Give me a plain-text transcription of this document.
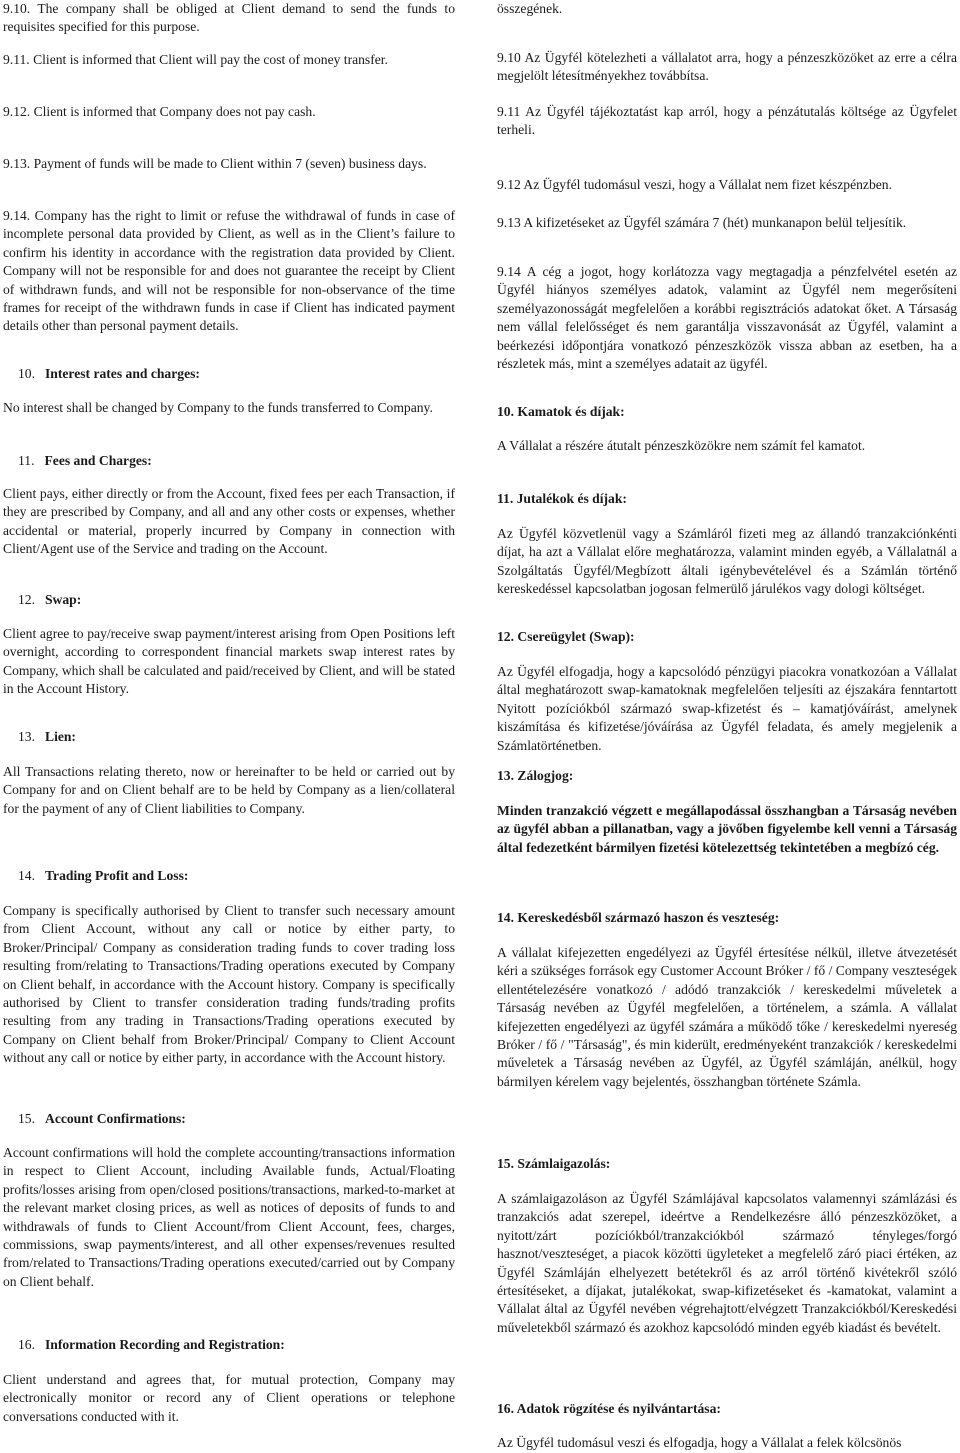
9.10. The company shall be obliged at Client demand to send the funds to requisites specified for this purpose.

9.11. Client is informed that Client will pay the cost of money transfer.

9.12. Client is informed that Company does not pay cash.

9.13. Payment of funds will be made to Client within 7 (seven) business days.

9.14. Company has the right to limit or refuse the withdrawal of funds in case of incomplete personal data provided by Client, as well as in the Client’s failure to confirm his identity in accordance with the registration data provided by Client. Company will not be responsible for and does not guarantee the receipt by Client of withdrawn funds, and will not be responsible for non-observance of the time frames for receipt of the withdrawn funds in case if Client has indicated payment details other than personal payment details.

10. Interest rates and charges:

No interest shall be changed by Company to the funds transferred to Company.

11. Fees and Charges:

Client pays, either directly or from the Account, fixed fees per each Transaction, if they are prescribed by Company, and all and any other costs or expenses, whether accidental or material, properly incurred by Company in connection with Client/Agent use of the Service and trading on the Account.

12. Swap:

Client agree to pay/receive swap payment/interest arising from Open Positions left overnight, according to correspondent financial markets swap interest rates by Company, which shall be calculated and paid/received by Client, and will be stated in the Account History.

13. Lien:

All Transactions relating thereto, now or hereinafter to be held or carried out by Company for and on Client behalf are to be held by Company as a lien/collateral for the payment of any of Client liabilities to Company.

14. Trading Profit and Loss:

Company is specifically authorised by Client to transfer such necessary amount from Client Account, without any call or notice by either party, to Broker/Principal/ Company as consideration trading funds to cover trading loss resulting from/relating to Transactions/Trading operations executed by Company on Client behalf, in accordance with the Account history. Company is specifically authorised by Client to transfer consideration trading funds/trading profits resulting from any trading in Transactions/Trading operations executed by Company on Client behalf from Broker/Principal/ Company to Client Account without any call or notice by either party, in accordance with the Account history.

15. Account Confirmations:

Account confirmations will hold the complete accounting/transactions information in respect to Client Account, including Available funds, Actual/Floating profits/losses arising from open/closed positions/transactions, marked-to-market at the relevant market closing prices, as well as notices of deposits of funds to and withdrawals of funds to Client Account/from Client Account, fees, charges, commissions, swap payments/interest, and all other expenses/revenues resulted from/related to Transactions/Trading operations executed/carried out by Company on Client behalf.

16. Information Recording and Registration:

Client understand and agrees that, for mutual protection, Company may electronically monitor or record any of Client operations or telephone conversations conducted with it.

összegének.

9.10 Az Ügyfél kötelezheti a vállalatot arra, hogy a pénzeszközöket az erre a célra megjelölt létesítményekhez továbbítsa.

9.11 Az Ügyfél tájékoztatást kap arról, hogy a pénzátutalás költsége az Ügyfelet terheli.

9.12 Az Ügyfél tudomásul veszi, hogy a Vállalat nem fizet készpénzben.

9.13 A kifizetéseket az Ügyfél számára 7 (hét) munkanapon belül teljesítik.

9.14 A cég a jogot, hogy korlátozza vagy megtagadja a pénzfelvétel esetén az Ügyfél hiányos személyes adatok, valamint az Ügyfél nem megerősíteni személyazonosságát megfelelően a korábbi regisztrációs adatokat őket. A Társaság nem vállal felelősséget és nem garantálja visszavonását az Ügyfél, valamint a beérkezési időpontjára vonatkozó pénzeszközök vissza abban az esetben, ha a részletek más, mint a személyes adatait az ügyfél.

10. Kamatok és díjak:

A Vállalat a részére átutalt pénzeszközökre nem számít fel kamatot.

11. Jutalékok és díjak:

Az Ügyfél közvetlenül vagy a Számláról fizeti meg az állandó tranzakciónkénti díjat, ha azt a Vállalat előre meghatározza, valamint minden egyéb, a Vállalatnál a Szolgáltatás Ügyfél/Megbízott általi igénybevételével és a Számlán történő kereskedéssel kapcsolatban jogosan felmerülő járulékos vagy dologi költséget.

12. Csereügylet (Swap):

Az Ügyfél elfogadja, hogy a kapcsolódó pénzügyi piacokra vonatkozóan a Vállalat által meghatározott swap-kamatoknak megfelelően teljesíti az éjszakára fenntartott Nyitott pozíciókból származó swap-kfizetést és – kamatjóváírást, amelynek kiszámítása és kifizetése/jóváírása az Ügyfél feladata, és amely megjelenik a Számlatörténetben.

13. Zálogjog:

Minden tranzakció végzett e megállapodással összhangban a Társaság nevében az ügyfél abban a pillanatban, vagy a jövőben figyelembe kell venni a Társaság által fedezetként bármilyen fizetési kötelezettség tekintetében a megbízó cég.

14. Kereskedésből származó haszon és veszteség:

A vállalat kifejezetten engedélyezi az Ügyfél értesítése nélkül, illetve átvezetését kéri a szükséges források egy Customer Account Bróker / fő / Company veszteségek ellentételezésére vonatkozó / adódó tranzakciók / kereskedelmi műveletek a Társaság nevében az Ügyfél megfelelően, a történelem, a számla. A vállalat kifejezetten engedélyezi az ügyfél számára a működő tőke / kereskedelmi nyereség Bróker / fő / "Társaság", és min kiderült, eredményeként tranzakciók / kereskedelmi műveletek a Társaság nevében az Ügyfél, az Ügyfél számláján, anélkül, hogy bármilyen kérelem vagy bejelentés, összhangban története Számla.

15. Számlaigazolás:

A számlaigazoláson az Ügyfél Számlájával kapcsolatos valamennyi számlázási és tranzakciós adat szerepel, ideértve a Rendelkezésre álló pénzeszközöket, a nyitott/zárt pozíciókból/tranzakciókból származó tényleges/forgó hasznot/veszteséget, a piacok közötti ügyleteket a megfelelő záró piaci értéken, az Ügyfél Számláján elhelyezett betétekről és az arról történő kivétekről szóló értesítéseket, a díjakat, jutalékokat, swap-kifizetéseket és -kamatokat, valamint a Vállalat által az Ügyfél nevében végrehajtott/elvégzett Tranzakciókból/Kereskedési műveletekből származó és azokhoz kapcsolódó minden egyéb kiadást és bevételt.

16. Adatok rögzítése és nyilvántartása:

Az Ügyfél tudomásul veszi és elfogadja, hogy a Vállalat a felek kölcsönös
